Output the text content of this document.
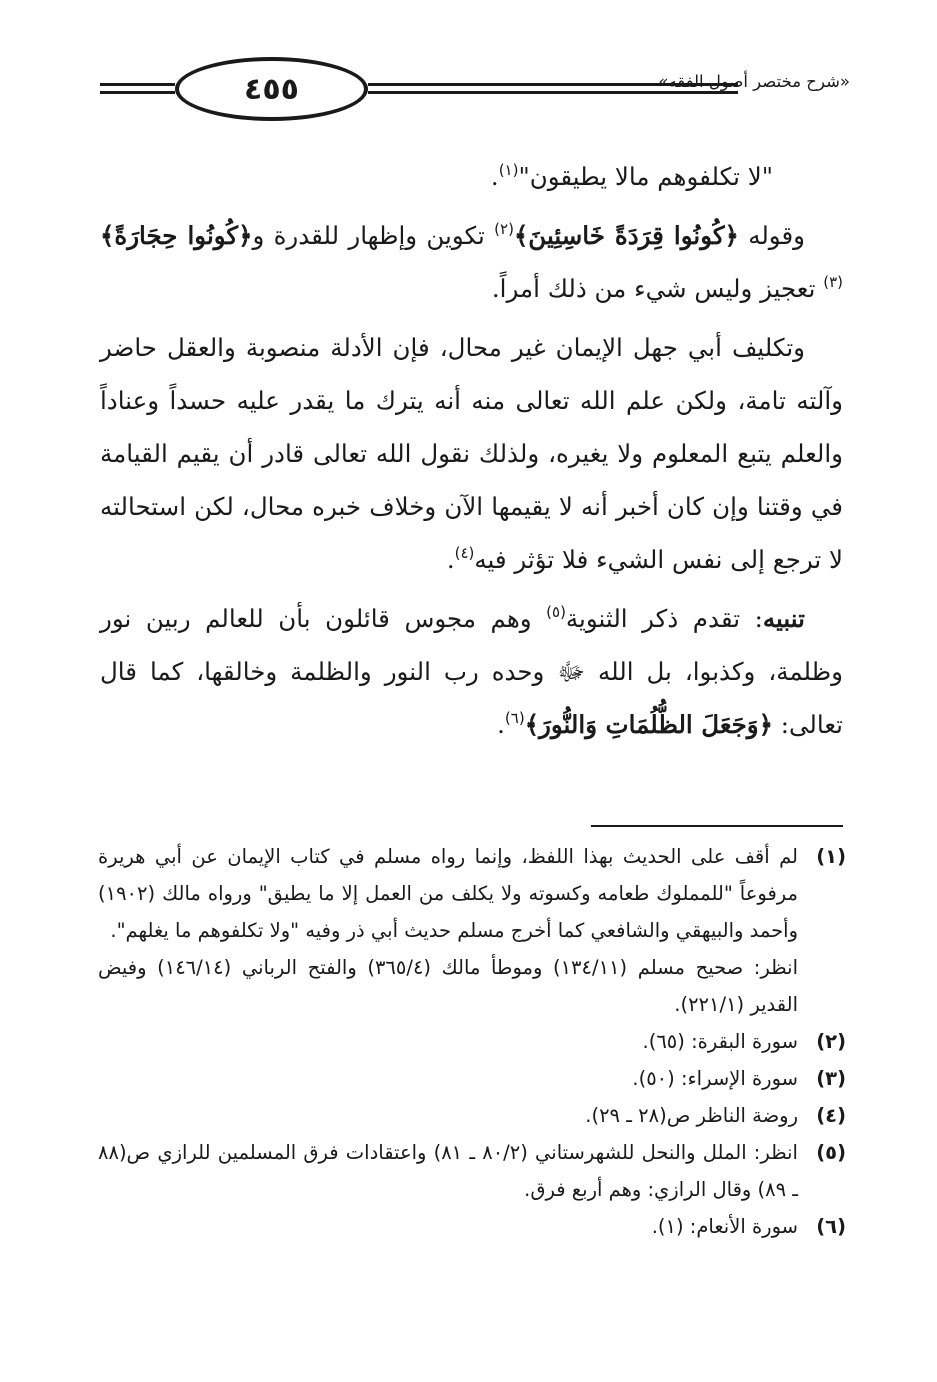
٤٥٥	«شرح مختصر أصول الفقه»

"لا تكلفوهم مالا يطيقون"$^{(١)}$.

وقوله ﴿كُونُوا قِرَدَةً خَاسِئِينَ﴾$^{(٢)}$ تكوين وإظهار للقدرة و﴿كُونُوا حِجَارَةً﴾$^{(٣)}$ تعجيز وليس شيء من ذلك أمراً.

وتكليف أبي جهل الإيمان غير محال، فإن الأدلة منصوبة والعقل حاضر وآلته تامة، ولكن علم الله تعالى منه أنه يترك ما يقدر عليه حسداً وعناداً والعلم يتبع المعلوم ولا يغيره، ولذلك نقول الله تعالى قادر أن يقيم القيامة في وقتنا وإن كان أخبر أنه لا يقيمها الآن وخلاف خبره محال، لكن استحالته لا ترجع إلى نفس الشيء فلا تؤثر فيه$^{(٤)}$.

تنبيه: تقدم ذكر الثنوية$^{(٥)}$ وهم مجوس قائلون بأن للعالم ربين نور وظلمة، وكذبوا، بل الله ﷻ وحده رب النور والظلمة وخالقها، كما قال تعالى: ﴿وَجَعَلَ الظُّلُمَاتِ وَالنُّورَ﴾$^{(٦)}$.

(١)
لم أقف على الحديث بهذا اللفظ، وإنما رواه مسلم في كتاب الإيمان عن أبي هريرة مرفوعاً "للمملوك طعامه وكسوته ولا يكلف من العمل إلا ما يطيق" ورواه مالك (١٩٠٢) وأحمد والبيهقي والشافعي كما أخرج مسلم حديث أبي ذر وفيه "ولا تكلفوهم ما يغلهم".

انظر: صحيح مسلم (١٣٤/١١) وموطأ مالك (٣٦٥/٤) والفتح الرباني (١٤٦/١٤) وفيض القدير (٢٢١/١).

(٢)
سورة البقرة: (٦٥).

(٣)
سورة الإسراء: (٥٠).

(٤)
روضة الناظر ص(٢٨ ـ ٢٩).

(٥)
انظر: الملل والنحل للشهرستاني (٨٠/٢ ـ ٨١) واعتقادات فرق المسلمين للرازي ص(٨٨ ـ ٨٩) وقال الرازي: وهم أربع فرق.

(٦)
سورة الأنعام: (١).
